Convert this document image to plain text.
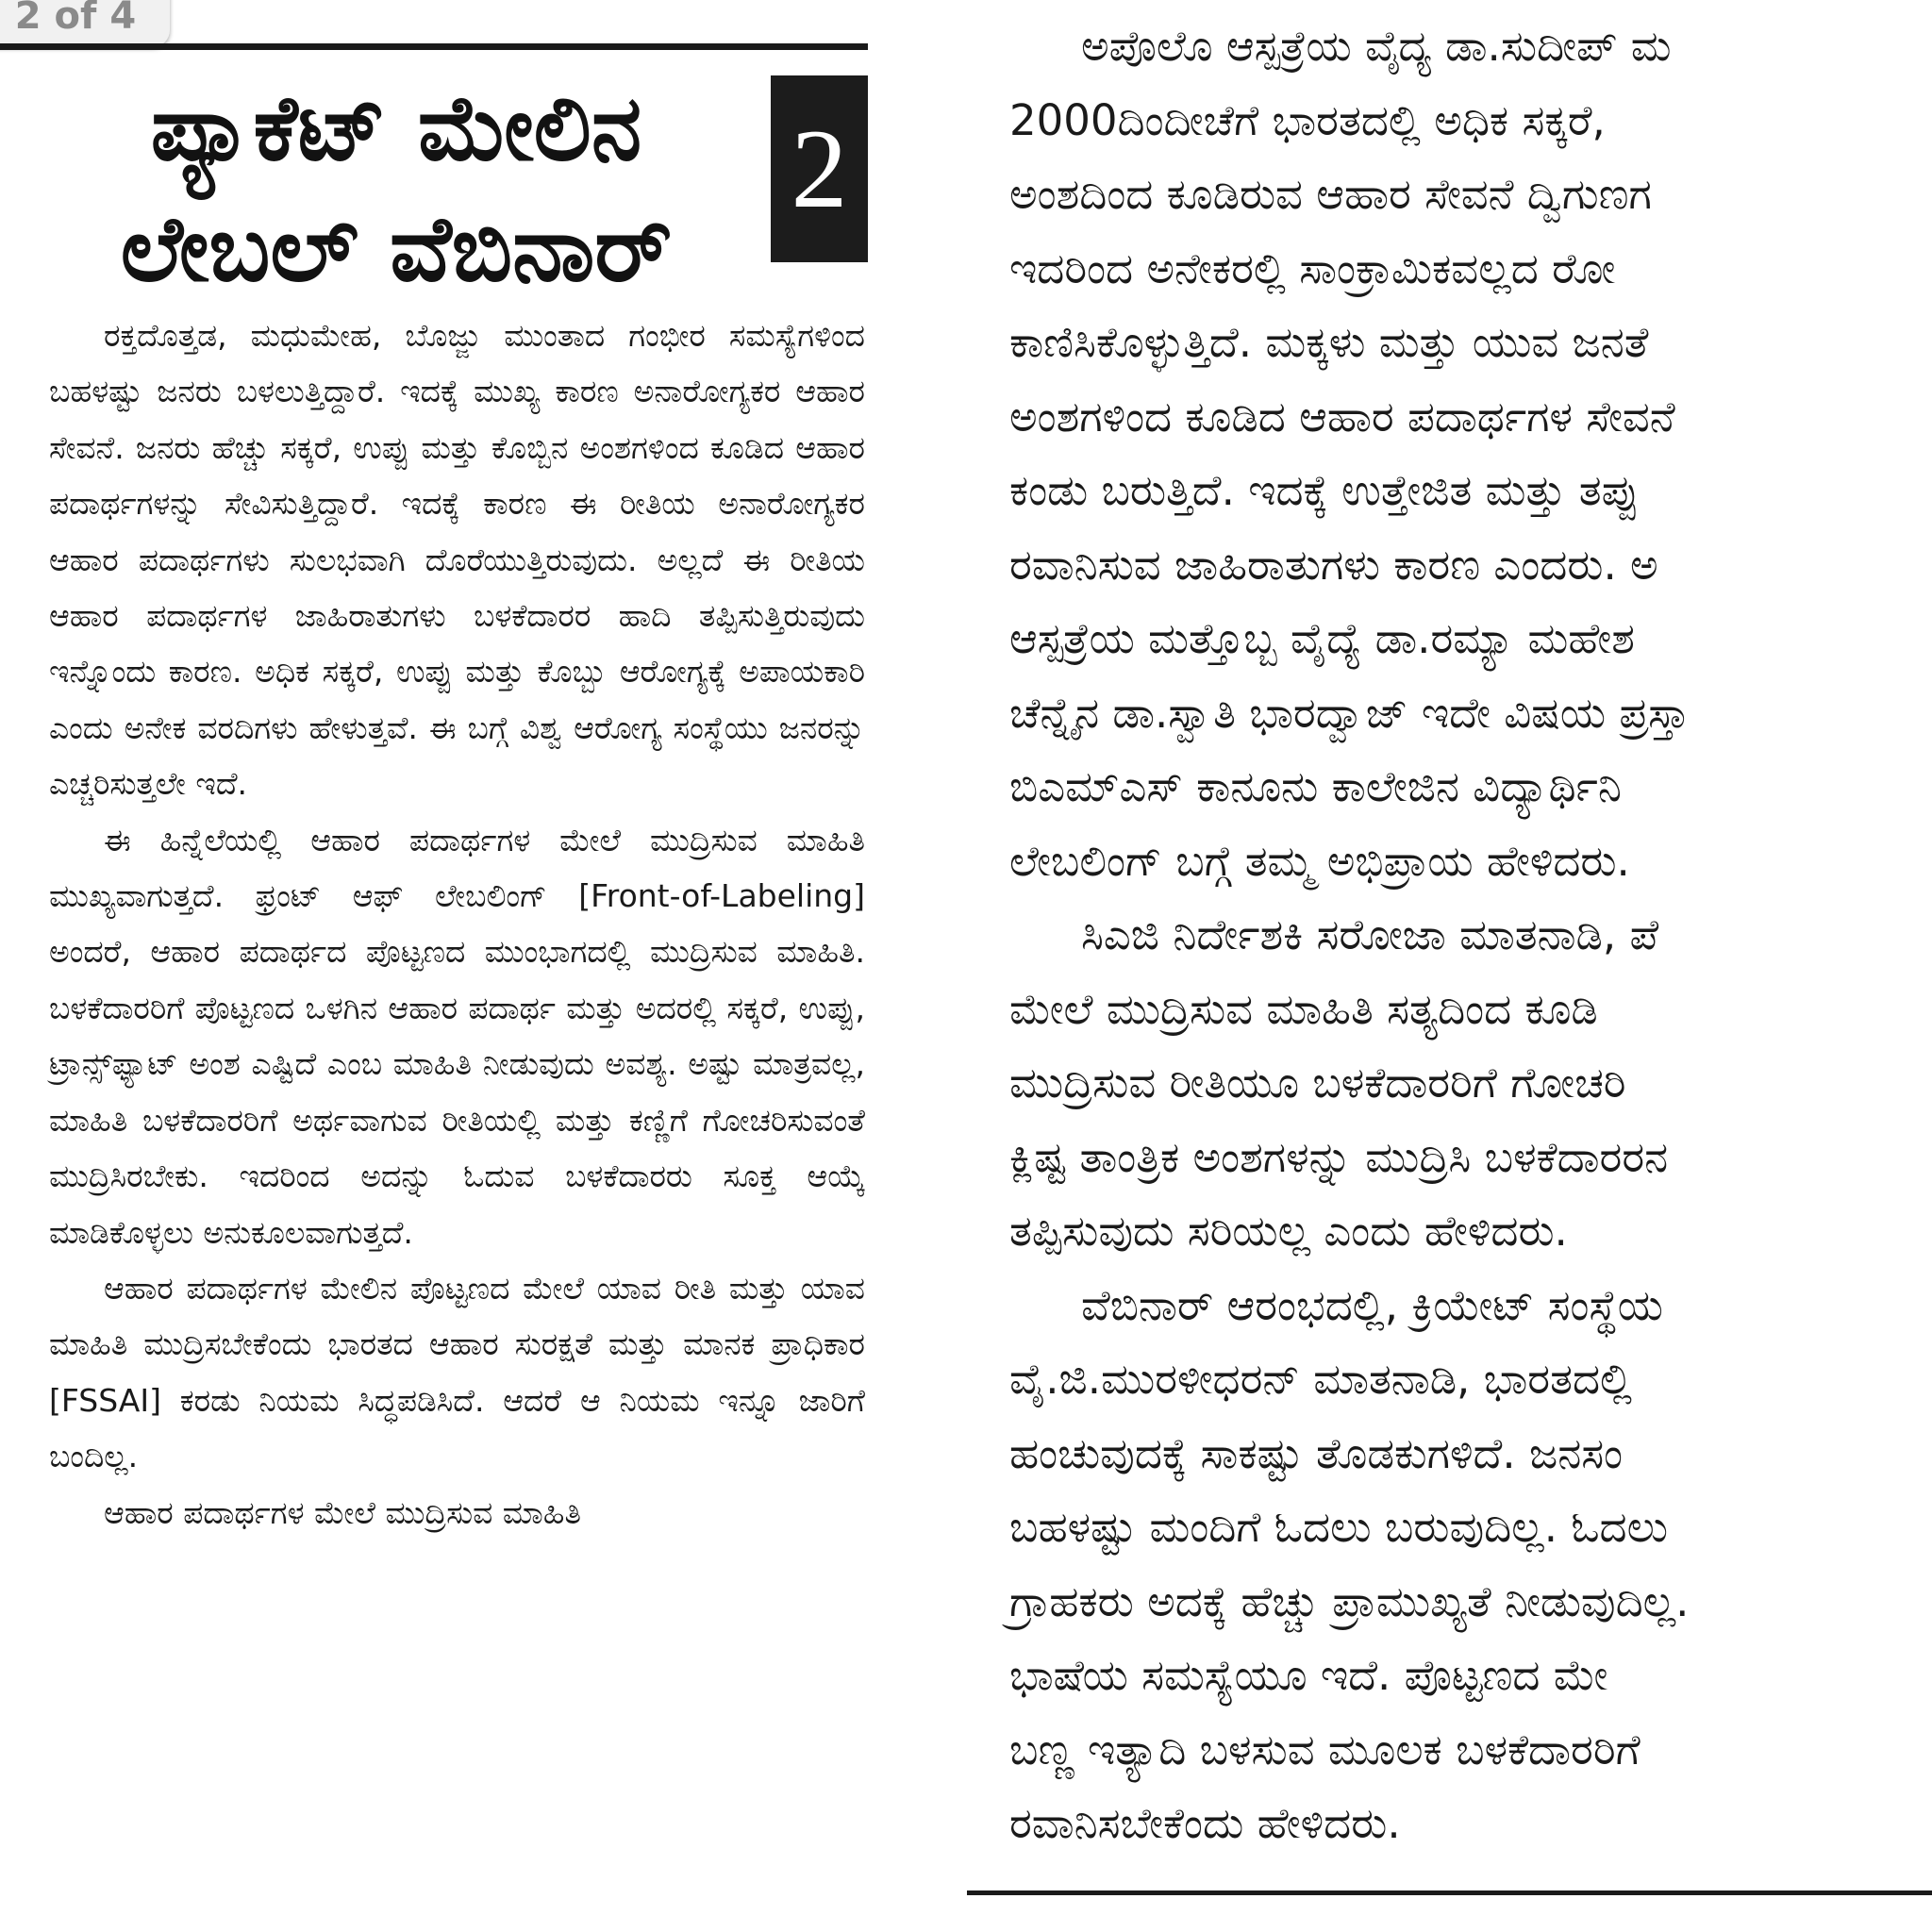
2 of 4
ಪ್ಯಾಕೆಟ್ ಮೇಲಿನ
ಲೇಬಲ್ ವೆಬಿನಾರ್
2

ರಕ್ತದೊತ್ತಡ, ಮಧುಮೇಹ, ಬೊಜ್ಜು ಮುಂತಾದ ಗಂಭೀರ ಸಮಸ್ಯೆಗಳಿಂದ ಬಹಳಷ್ಟು ಜನರು ಬಳಲುತ್ತಿದ್ದಾರೆ. ಇದಕ್ಕೆ ಮುಖ್ಯ ಕಾರಣ ಅನಾರೋಗ್ಯಕರ ಆಹಾರ ಸೇವನೆ. ಜನರು ಹೆಚ್ಚು ಸಕ್ಕರೆ, ಉಪ್ಪು ಮತ್ತು ಕೊಬ್ಬಿನ ಅಂಶಗಳಿಂದ ಕೂಡಿದ ಆಹಾರ ಪದಾರ್ಥಗಳನ್ನು ಸೇವಿಸುತ್ತಿದ್ದಾರೆ. ಇದಕ್ಕೆ ಕಾರಣ ಈ ರೀತಿಯ ಅನಾರೋಗ್ಯಕರ ಆಹಾರ ಪದಾರ್ಥಗಳು ಸುಲಭವಾಗಿ ದೊರೆಯುತ್ತಿರುವುದು. ಅಲ್ಲದೆ ಈ ರೀತಿಯ ಆಹಾರ ಪದಾರ್ಥಗಳ ಜಾಹಿರಾತುಗಳು ಬಳಕೆದಾರರ ಹಾದಿ ತಪ್ಪಿಸುತ್ತಿರುವುದು ಇನ್ನೊಂದು ಕಾರಣ. ಅಧಿಕ ಸಕ್ಕರೆ, ಉಪ್ಪು ಮತ್ತು ಕೊಬ್ಬು ಆರೋಗ್ಯಕ್ಕೆ ಅಪಾಯಕಾರಿ ಎಂದು ಅನೇಕ ವರದಿಗಳು ಹೇಳುತ್ತವೆ. ಈ ಬಗ್ಗೆ ವಿಶ್ವ ಆರೋಗ್ಯ ಸಂಸ್ಥೆಯು ಜನರನ್ನು ಎಚ್ಚರಿಸುತ್ತಲೇ ಇದೆ.

ಈ ಹಿನ್ನೆಲೆಯಲ್ಲಿ ಆಹಾರ ಪದಾರ್ಥಗಳ ಮೇಲೆ ಮುದ್ರಿಸುವ ಮಾಹಿತಿ ಮುಖ್ಯವಾಗುತ್ತದೆ. ಫ್ರಂಟ್ ಆಫ್ ಲೇಬಲಿಂಗ್ [Front-of-Labeling] ಅಂದರೆ, ಆಹಾರ ಪದಾರ್ಥದ ಪೊಟ್ಟಣದ ಮುಂಭಾಗದಲ್ಲಿ ಮುದ್ರಿಸುವ ಮಾಹಿತಿ. ಬಳಕೆದಾರರಿಗೆ ಪೊಟ್ಟಣದ ಒಳಗಿನ ಆಹಾರ ಪದಾರ್ಥ ಮತ್ತು ಅದರಲ್ಲಿ ಸಕ್ಕರೆ, ಉಪ್ಪು, ಟ್ರಾನ್ಸ್‌ಫ್ಯಾಟ್ ಅಂಶ ಎಷ್ಟಿದೆ ಎಂಬ ಮಾಹಿತಿ ನೀಡುವುದು ಅವಶ್ಯ. ಅಷ್ಟು ಮಾತ್ರವಲ್ಲ, ಮಾಹಿತಿ ಬಳಕೆದಾರರಿಗೆ ಅರ್ಥವಾಗುವ ರೀತಿಯಲ್ಲಿ ಮತ್ತು ಕಣ್ಣಿಗೆ ಗೋಚರಿಸುವಂತೆ ಮುದ್ರಿಸಿರಬೇಕು. ಇದರಿಂದ ಅದನ್ನು ಓದುವ ಬಳಕೆದಾರರು ಸೂಕ್ತ ಆಯ್ಕೆ ಮಾಡಿಕೊಳ್ಳಲು ಅನುಕೂಲವಾಗುತ್ತದೆ.

ಆಹಾರ ಪದಾರ್ಥಗಳ ಮೇಲಿನ ಪೊಟ್ಟಣದ ಮೇಲೆ ಯಾವ ರೀತಿ ಮತ್ತು ಯಾವ ಮಾಹಿತಿ ಮುದ್ರಿಸಬೇಕೆಂದು ಭಾರತದ ಆಹಾರ ಸುರಕ್ಷತೆ ಮತ್ತು ಮಾನಕ ಪ್ರಾಧಿಕಾರ [FSSAI] ಕರಡು ನಿಯಮ ಸಿದ್ಧಪಡಿಸಿದೆ. ಆದರೆ ಆ ನಿಯಮ ಇನ್ನೂ ಜಾರಿಗೆ ಬಂದಿಲ್ಲ.

ಆಹಾರ ಪದಾರ್ಥಗಳ ಮೇಲೆ ಮುದ್ರಿಸುವ ಮಾಹಿತಿ

ಅಪೊಲೊ ಆಸ್ಪತ್ರೆಯ ವೈದ್ಯ ಡಾ.ಸುದೀಪ್ ಮ
2000ದಿಂದೀಚೆಗೆ ಭಾರತದಲ್ಲಿ ಅಧಿಕ ಸಕ್ಕರೆ,
ಅಂಶದಿಂದ ಕೂಡಿರುವ ಆಹಾರ ಸೇವನೆ ದ್ವಿಗುಣಗ
ಇದರಿಂದ ಅನೇಕರಲ್ಲಿ ಸಾಂಕ್ರಾಮಿಕವಲ್ಲದ ರೋ
ಕಾಣಿಸಿಕೊಳ್ಳುತ್ತಿದೆ. ಮಕ್ಕಳು ಮತ್ತು ಯುವ ಜನತೆ
ಅಂಶಗಳಿಂದ ಕೂಡಿದ ಆಹಾರ ಪದಾರ್ಥಗಳ ಸೇವನೆ
ಕಂಡು ಬರುತ್ತಿದೆ. ಇದಕ್ಕೆ ಉತ್ತೇಜಿತ ಮತ್ತು ತಪ್ಪು
ರವಾನಿಸುವ ಜಾಹಿರಾತುಗಳು ಕಾರಣ ಎಂದರು. ಅ
ಆಸ್ಪತ್ರೆಯ ಮತ್ತೊಬ್ಬ ವೈದ್ಯೆ ಡಾ.ರಮ್ಯಾ ಮಹೇಶ
ಚೆನ್ನೈನ ಡಾ.ಸ್ವಾತಿ ಭಾರದ್ವಾಜ್ ಇದೇ ವಿಷಯ ಪ್ರಸ್ತಾ
ಬಿಎಮ್‌ಎಸ್ ಕಾನೂನು ಕಾಲೇಜಿನ ವಿದ್ಯಾರ್ಥಿನಿ
ಲೇಬಲಿಂಗ್ ಬಗ್ಗೆ ತಮ್ಮ ಅಭಿಪ್ರಾಯ ಹೇಳಿದರು.
ಸಿಎಜಿ ನಿರ್ದೇಶಕಿ ಸರೋಜಾ ಮಾತನಾಡಿ, ಪೆ
ಮೇಲೆ ಮುದ್ರಿಸುವ ಮಾಹಿತಿ ಸತ್ಯದಿಂದ ಕೂಡಿ
ಮುದ್ರಿಸುವ ರೀತಿಯೂ ಬಳಕೆದಾರರಿಗೆ ಗೋಚರಿ
ಕ್ಲಿಷ್ಟ ತಾಂತ್ರಿಕ ಅಂಶಗಳನ್ನು ಮುದ್ರಿಸಿ ಬಳಕೆದಾರರನ
ತಪ್ಪಿಸುವುದು ಸರಿಯಲ್ಲ ಎಂದು ಹೇಳಿದರು.
ವೆಬಿನಾರ್ ಆರಂಭದಲ್ಲಿ, ಕ್ರಿಯೇಟ್ ಸಂಸ್ಥೆಯ
ವೈ.ಜಿ.ಮುರಳೀಧರನ್ ಮಾತನಾಡಿ, ಭಾರತದಲ್ಲಿ
ಹಂಚುವುದಕ್ಕೆ ಸಾಕಷ್ಟು ತೊಡಕುಗಳಿದೆ. ಜನಸಂ
ಬಹಳಷ್ಟು ಮಂದಿಗೆ ಓದಲು ಬರುವುದಿಲ್ಲ. ಓದಲು
ಗ್ರಾಹಕರು ಅದಕ್ಕೆ ಹೆಚ್ಚು ಪ್ರಾಮುಖ್ಯತೆ ನೀಡುವುದಿಲ್ಲ.
ಭಾಷೆಯ ಸಮಸ್ಯೆಯೂ ಇದೆ. ಪೊಟ್ಟಣದ ಮೇ
ಬಣ್ಣ ಇತ್ಯಾದಿ ಬಳಸುವ ಮೂಲಕ ಬಳಕೆದಾರರಿಗೆ
ರವಾನಿಸಬೇಕೆಂದು ಹೇಳಿದರು.
